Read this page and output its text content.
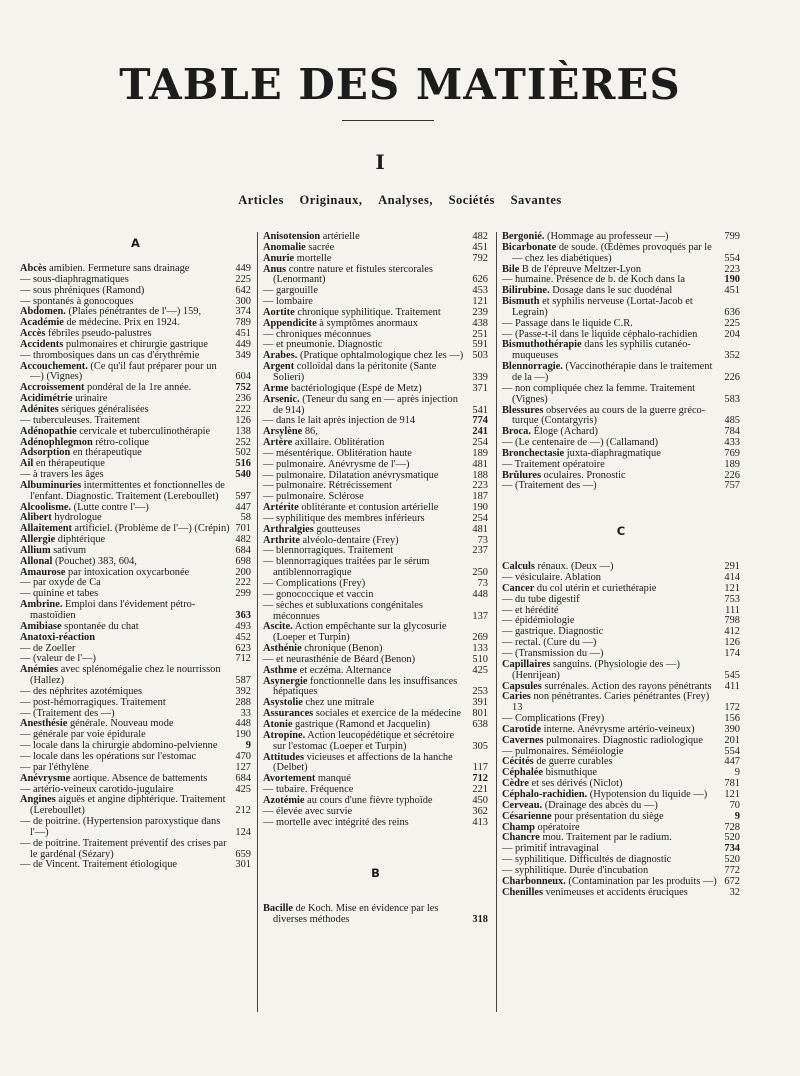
TABLE DES MATIÈRES
I
Articles Originaux, Analyses, Sociétés Savantes
A
Abcès amibien. Fermeture sans drainage	449
— sous-diaphragmatiques	225
— sous phréniques (Ramond)	642
— spontanés à gonocoques	300
Abdomen. (Plaies pénétrantes de l'—) 159,	374
Académie de médecine. Prix en 1924.	789
Accès fébriles pseudo-palustres	451
Accidents pulmonaires et chirurgie gastrique	449
— thrombosiques dans un cas d'érythrémie	349
Accouchement. (Ce qu'il faut préparer pour un —) (Vignes)	604
Accroissement pondéral de la 1re année.	752
Acidimétrie urinaire	236
Adénites sériques généralisées	222
— tuberculeuses. Traitement	126
Adénopathie cervicale et tuberculinothérapie	138
Adénophlegmon rétro-colique	252
Adsorption en thérapeutique	502
Ail en thérapeutique	516
— à travers les âges	540
Albuminuries intermittentes et fonctionnelles de l'enfant. Diagnostic. Traitement (Lereboullet)	597
Alcoolisme. (Lutte contre l'—)	447
Alibert hydrologue	58
Allaitement artificiel. (Problème de l'—) (Crépin) 701
Allergie diphtérique	482
Allium sativum	684
Allonal (Pouchet) 383, 604,	698
Amaurose par intoxication oxycarbonée	200
— par oxyde de Ca	222
— quinine et tabes	299
Ambrine. Emploi dans l'évidement pétro-mastoïdien	363
Amibiase spontanée du chat	493
Anatoxi-réaction	452
— de Zoeller	623
— (valeur de l'—)	712
Anémies avec splénomégalie chez le nourrisson (Hallez)	587
— des néphrites azotémiques	392
— post-hémorragiques. Traitement	288
— (Traitement des —)	33
Anesthésie générale. Nouveau mode	448
— générale par voie épidurale	190
— locale dans la chirurgie abdomino-pelvienne	9
— locale dans les opérations sur l'estomac	470
— par l'éthylène	127
Anévrysme aortique. Absence de battements	684
— artério-veineux carotido-jugulaire	425
Angines aiguës et angine diphtérique. Traitement (Lereboullet)	212
— de poitrine. (Hypertension paroxystique dans l'—)	124
— de poitrine. Traitement préventif des crises par le gardénal (Sézary)	659
— de Vincent. Traitement étiologique	301
Anisotension artérielle	482
Anomalie sacrée	451
Anurie mortelle	792
Anus contre nature et fistules stercorales (Lenormant)	626
— gargouille	453
— lombaire	121
Aortite chronique syphilitique. Traitement	239
Appendicite à symptômes anormaux	438
— chroniques méconnues	251
— et pneumonie. Diagnostic	591
Arabes. (Pratique ophtalmologique chez les —) 503
Argent colloïdal dans la péritonite (Sante Solieri)	339
Arme bactériologique (Espé de Metz)	371
Arsenic. (Teneur du sang en — après injection de 914)	541
— dans le lait après injection de 914	774
Arsylène 86,	241
Artère axillaire. Oblitération	254
— mésentérique. Oblitération haute	189
— pulmonaire. Anévrysme de l'—)	481
— pulmonaire. Dilatation anévrysmatique	188
— pulmonaire. Rétrécissement	223
— pulmonaire. Sclérose	187
Artérite oblitérante et contusion artérielle	190
— syphilitique des membres inférieurs	254
Arthralgies goutteuses	481
Arthrite alvéolo-dentaire (Frey)	73
— blennorragiques. Traitement	237
— blennorragiques traitées par le sérum antiblennorragique	250
— Complications (Frey)	73
— gonococcique et vaccin	448
— sèches et subluxations congénitales méconnues	137
Ascite. Action empêchante sur la glycosurie (Loeper et Turpin)	269
Asthénie chronique (Benon)	133
— et neurasthénie de Béard (Benon)	510
Asthme et eczéma. Alternance	425
Asynergie fonctionnelle dans les insuffisances hépatiques	253
Asystolie chez une mitrale	391
Assurances sociales et exercice de la médecine	801
Atonie gastrique (Ramond et Jacquelin)	638
Atropine. Action leucopédétique et sécrétoire sur l'estomac (Loeper et Turpin)	305
Attitudes vicieuses et affections de la hanche (Delbet)	117
Avortement manqué	712
— tubaire. Fréquence	221
Azotémie au cours d'une fièvre typhoïde	450
— élevée avec survie	362
— mortelle avec intégrité des reins	413
B
Bacille de Koch. Mise en évidence par les diverses méthodes	318
Bergonié. (Hommage au professeur —)	799
Bicarbonate de soude. (Œdèmes provoqués par le — chez les diabétiques)	554
Bile B de l'épreuve Meltzer-Lyon	223
— humaine. Présence de b. de Koch dans la	190
Bilirubine. Dosage dans le suc duodénal	451
Bismuth et syphilis nerveuse (Lortat-Jacob et Legrain)	636
— Passage dans le liquide C.R.	225
— (Passe-t-il dans le liquide céphalo-rachidien	204
Bismuthothérapie dans les syphilis cutanéo-muqueuses	352
Blennorragie. (Vaccinothérapie dans le traitement de la —)	226
— non compliquée chez la femme. Traitement (Vignes)	583
Blessures observées au cours de la guerre gréco-turque (Contargyris)	485
Broca. Éloge (Achard)	784
— (Le centenaire de —) (Callamand)	433
Bronchectasie juxta-diaphragmatique	769
— Traitement opératoire	189
Brûlures oculaires. Pronostic	226
— (Traitement des —)	757
C
Calculs rénaux. (Deux —)	291
— vésiculaire. Ablation	414
Cancer du col utérin et curiethérapie	121
— du tube digestif	753
— et hérédité	111
— épidémiologie	798
— gastrique. Diagnostic	412
— rectal. (Cure du —)	126
— (Transmission du —)	174
Capillaires sanguins. (Physiologie des —) (Henrijean)	545
Capsules surrénales. Action des rayons pénétrants	411
Caries non pénétrantes. Caries pénétrantes (Frey) 13	172
— Complications (Frey)	156
Carotide interne. Anévrysme artério-veineux)	390
Cavernes pulmonaires. Diagnostic radiologique	201
— pulmonaires. Séméiologie	554
Cécités de guerre curables	447
Céphalée bismuthique	9
Cèdre et ses dérivés (Niclot)	781
Céphalo-rachidien. (Hypotension du liquide —)	121
Cerveau. (Drainage des abcès du —)	70
Césarienne pour présentation du siège	9
Champ opératoire	728
Chancre mou. Traitement par le radium.	520
— primitif intravaginal	734
— syphilitique. Difficultés de diagnostic	520
— syphilitique. Durée d'incubation	772
Charbonneux. (Contamination par les produits —) 672
Chenilles venimeuses et accidents éruciques	32
